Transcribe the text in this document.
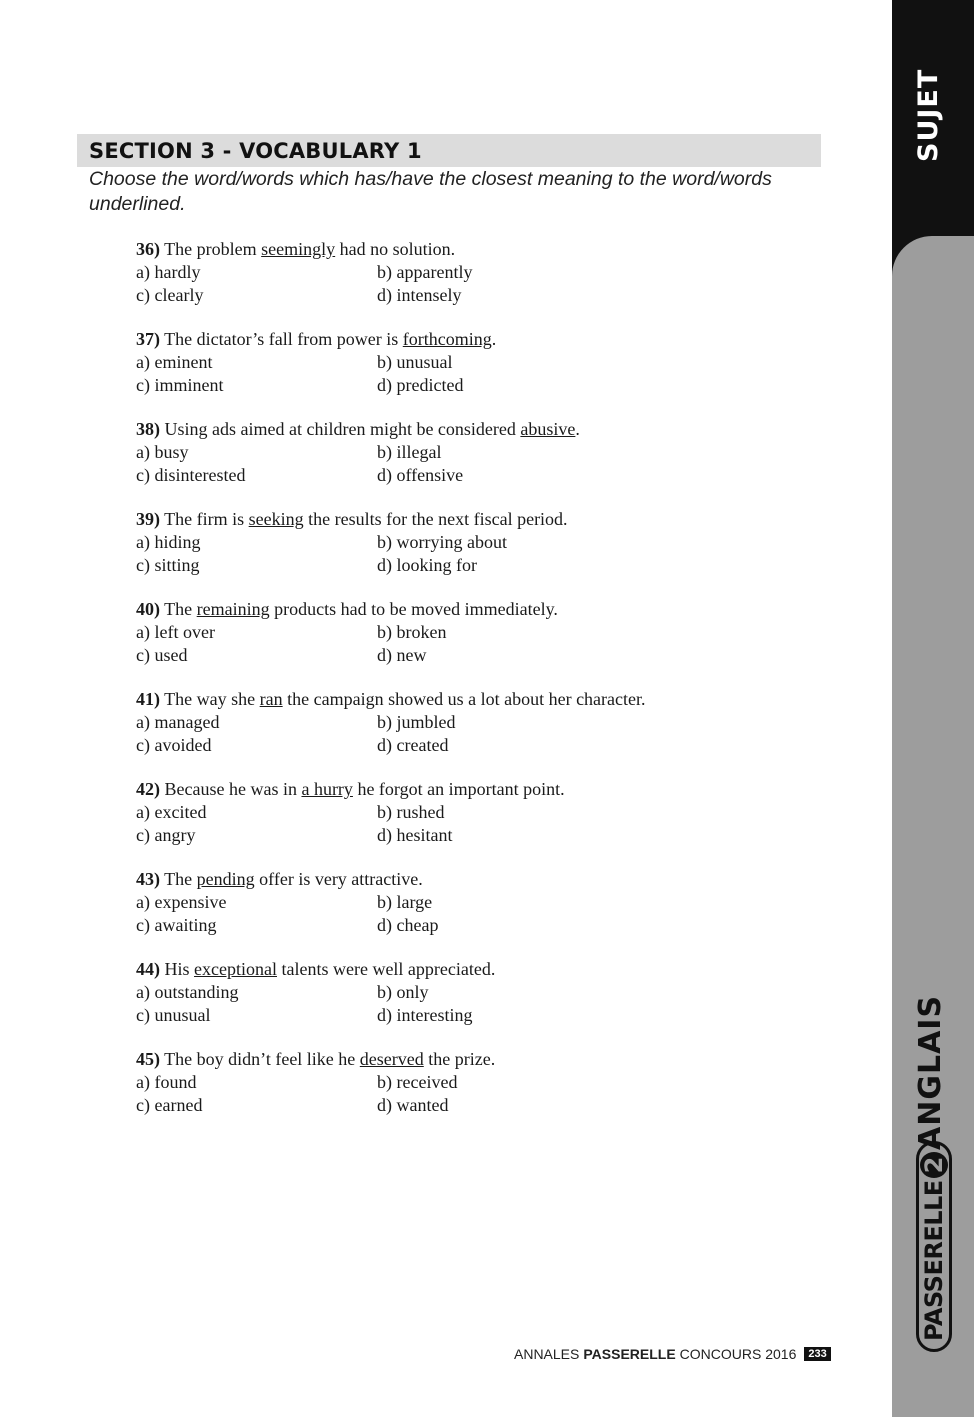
SUJET
ANGLAIS
PASSERELLE2
SECTION 3 - VOCABULARY 1
Choose the word/words which has/have the closest meaning to the word/words underlined.
36) The problem seemingly had no solution.
a) hardly	b) apparently
c) clearly	d) intensely
37) The dictator’s fall from power is forthcoming.
a) eminent	b) unusual
c) imminent	d) predicted
38) Using ads aimed at children might be considered abusive.
a) busy	b) illegal
c) disinterested	d) offensive
39) The firm is seeking the results for the next fiscal period.
a) hiding	b) worrying about
c) sitting	d) looking for
40) The remaining products had to be moved immediately.
a) left over	b) broken
c) used	d) new
41) The way she ran the campaign showed us a lot about her character.
a) managed	b) jumbled
c) avoided	d) created
42) Because he was in a hurry he forgot an important point.
a) excited	b) rushed
c) angry	d) hesitant
43) The pending offer is very attractive.
a) expensive	b) large
c) awaiting	d) cheap
44) His exceptional talents were well appreciated.
a) outstanding	b) only
c) unusual	d) interesting
45) The boy didn’t feel like he deserved the prize.
a) found	b) received
c) earned	d) wanted
ANNALES PASSERELLE CONCOURS 2016	233
